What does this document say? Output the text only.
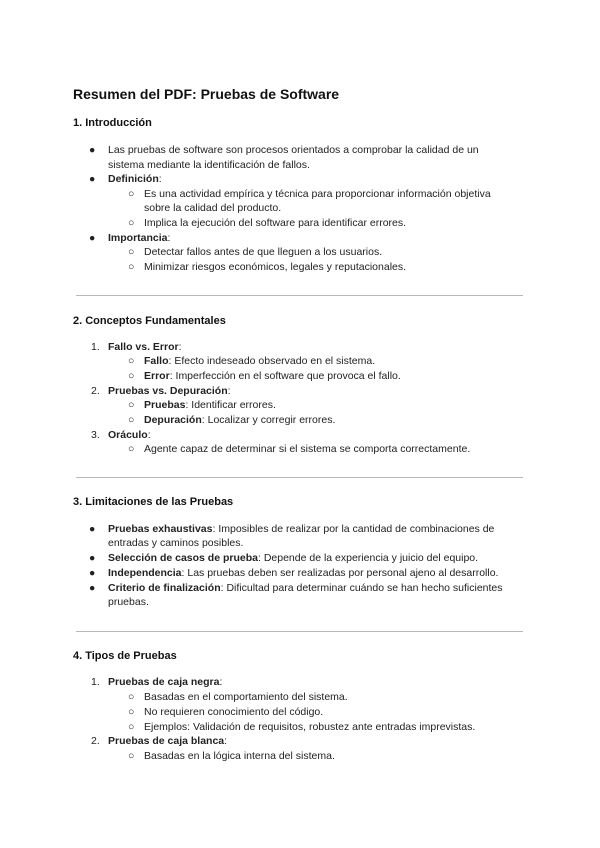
Resumen del PDF: Pruebas de Software
1. Introducción
● Las pruebas de software son procesos orientados a comprobar la calidad de un

sistema mediante la identificación de fallos.

● Definición:

○ Es una actividad empírica y técnica para proporcionar información objetiva

sobre la calidad del producto.

○ Implica la ejecución del software para identificar errores.

● Importancia:

○ Detectar fallos antes de que lleguen a los usuarios.

○ Minimizar riesgos económicos, legales y reputacionales.

2. Conceptos Fundamentales
1. Fallo vs. Error:

○ Fallo: Efecto indeseado observado en el sistema.

○ Error: Imperfección en el software que provoca el fallo.

2. Pruebas vs. Depuración:

○ Pruebas: Identificar errores.

○ Depuración: Localizar y corregir errores.

3. Oráculo:

○ Agente capaz de determinar si el sistema se comporta correctamente.

3. Limitaciones de las Pruebas
● Pruebas exhaustivas: Imposibles de realizar por la cantidad de combinaciones de

entradas y caminos posibles.

● Selección de casos de prueba: Depende de la experiencia y juicio del equipo.

● Independencia: Las pruebas deben ser realizadas por personal ajeno al desarrollo.

● Criterio de finalización: Dificultad para determinar cuándo se han hecho suficientes

pruebas.

4. Tipos de Pruebas
1. Pruebas de caja negra:

○ Basadas en el comportamiento del sistema.

○ No requieren conocimiento del código.

○ Ejemplos: Validación de requisitos, robustez ante entradas imprevistas.

2. Pruebas de caja blanca:

○ Basadas en la lógica interna del sistema.
